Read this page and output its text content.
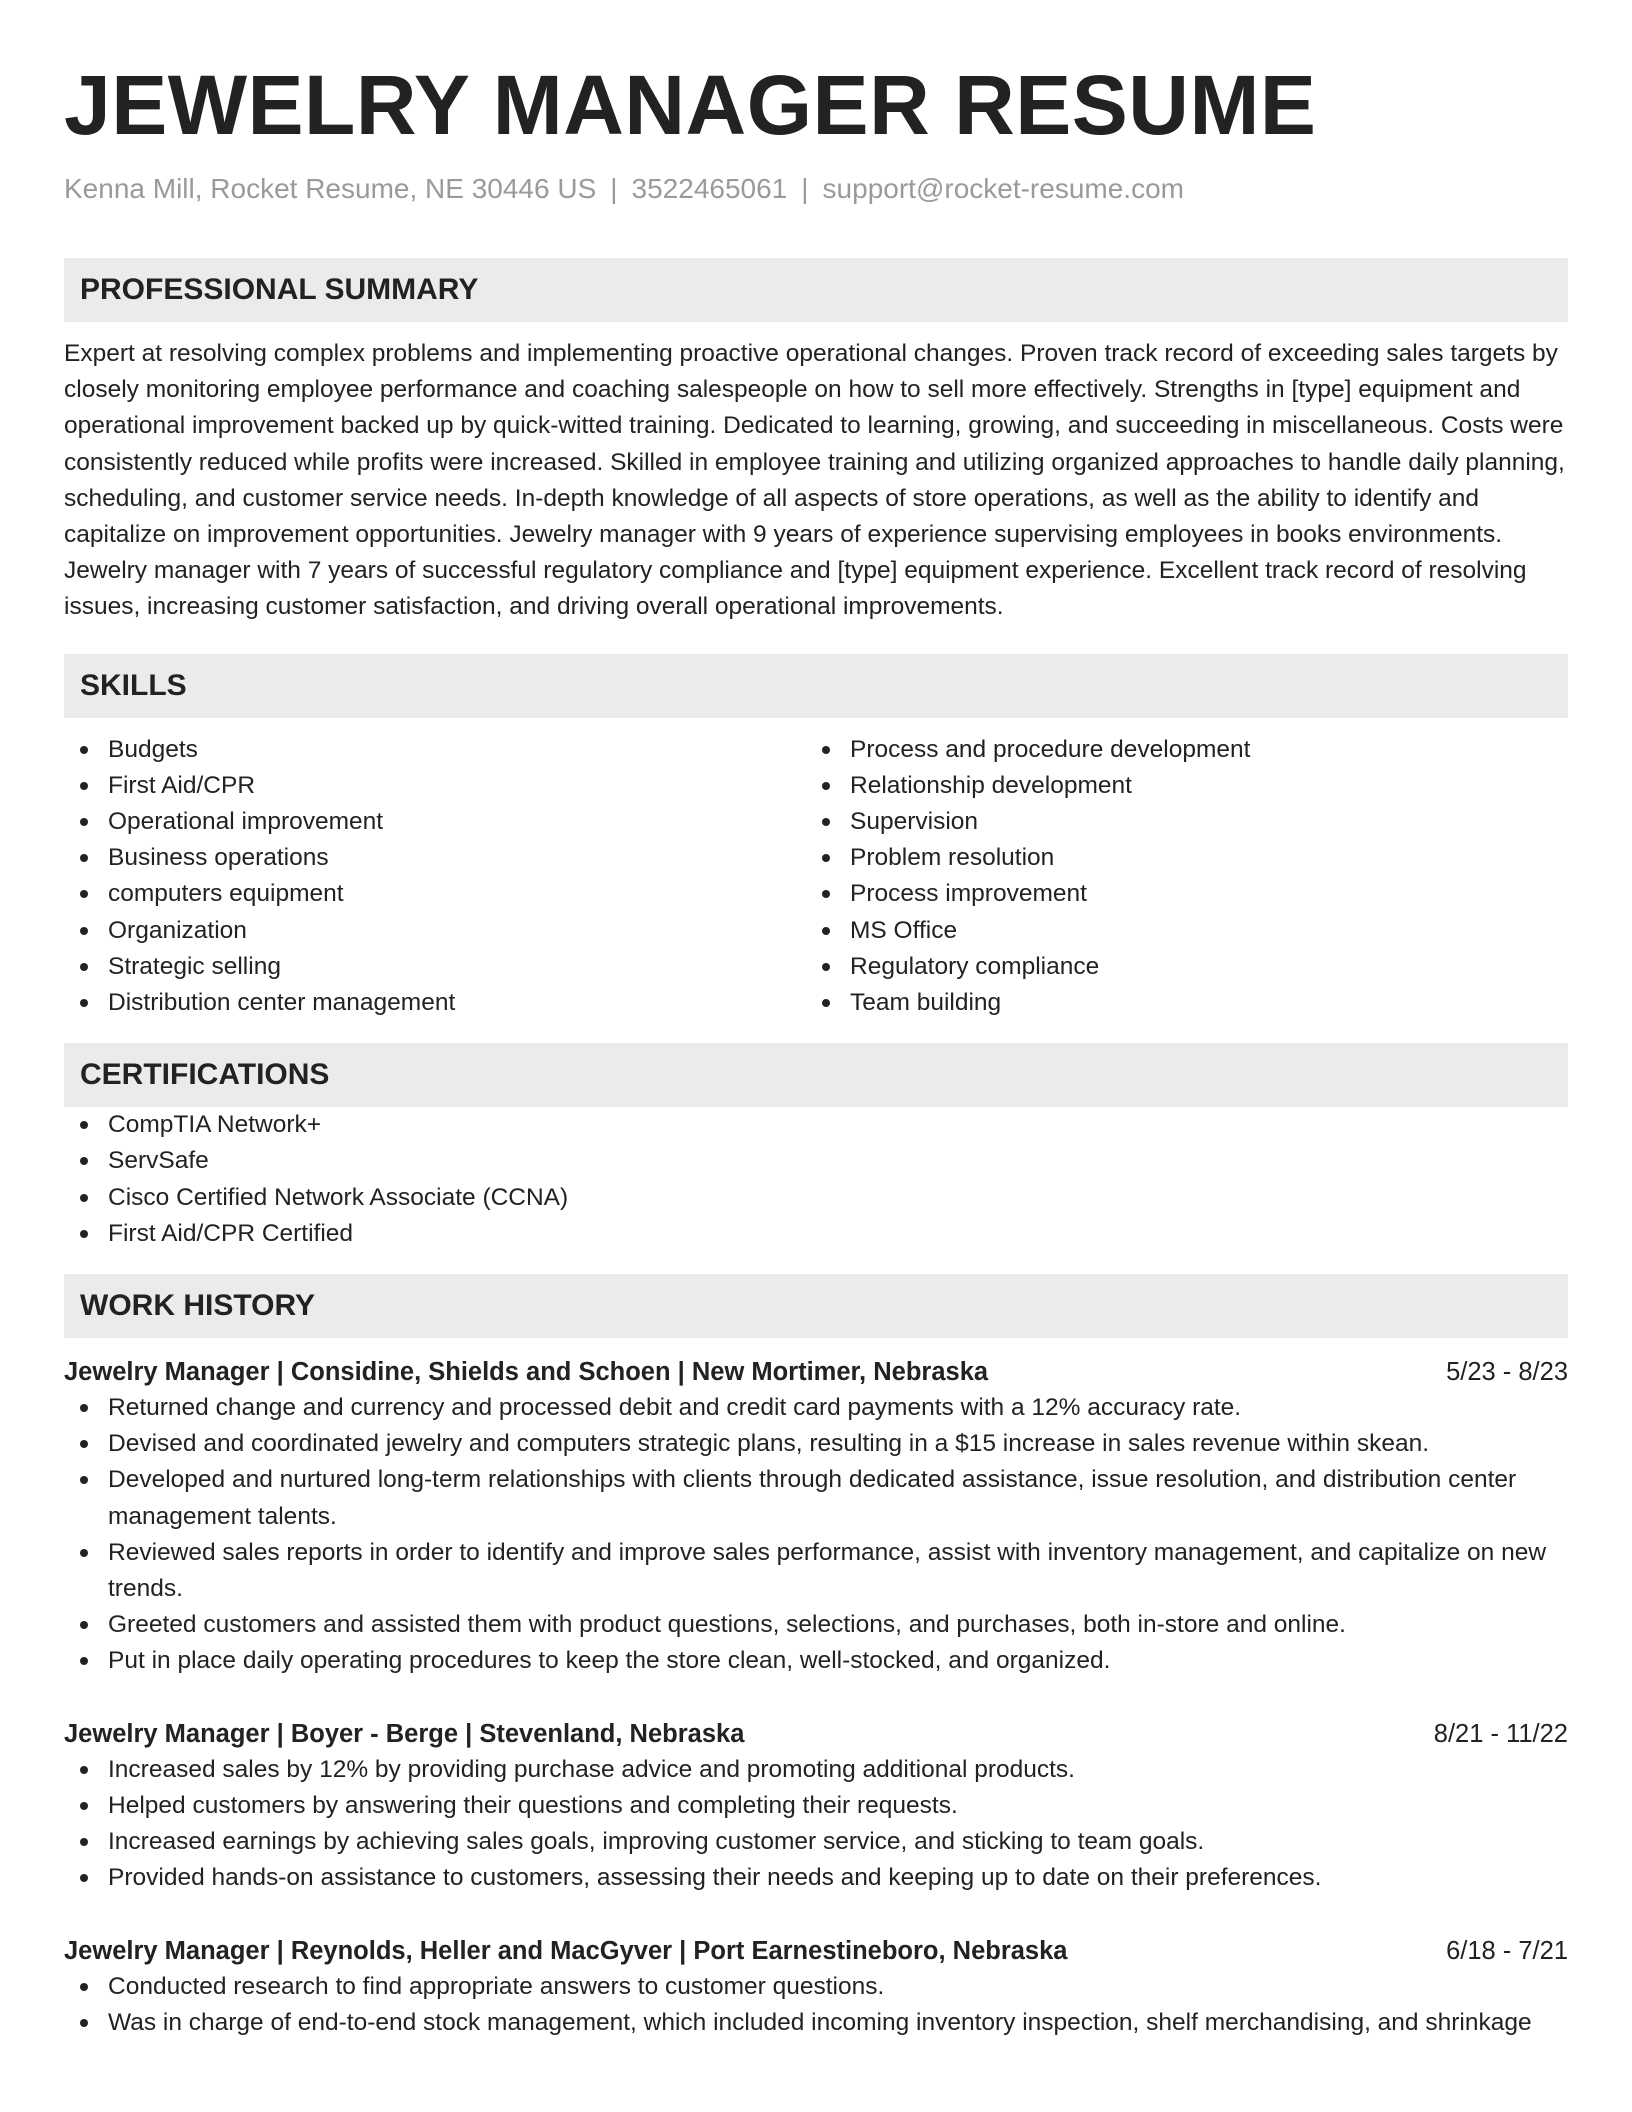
JEWELRY MANAGER RESUME
Kenna Mill, Rocket Resume, NE 30446 US | 3522465061 | support@rocket-resume.com
PROFESSIONAL SUMMARY

Expert at resolving complex problems and implementing proactive operational changes. Proven track record of exceeding sales targets by closely monitoring employee performance and coaching salespeople on how to sell more effectively. Strengths in [type] equipment and operational improvement backed up by quick-witted training. Dedicated to learning, growing, and succeeding in miscellaneous. Costs were consistently reduced while profits were increased. Skilled in employee training and utilizing organized approaches to handle daily planning, scheduling, and customer service needs. In-depth knowledge of all aspects of store operations, as well as the ability to identify and capitalize on improvement opportunities. Jewelry manager with 9 years of experience supervising employees in books environments. Jewelry manager with 7 years of successful regulatory compliance and [type] equipment experience. Excellent track record of resolving issues, increasing customer satisfaction, and driving overall operational improvements.

SKILLS
Budgets
First Aid/CPR
Operational improvement
Business operations
computers equipment
Organization
Strategic selling
Distribution center management
Process and procedure development
Relationship development
Supervision
Problem resolution
Process improvement
MS Office
Regulatory compliance
Team building
CERTIFICATIONS
CompTIA Network+
ServSafe
Cisco Certified Network Associate (CCNA)
First Aid/CPR Certified
WORK HISTORY
Jewelry Manager | Considine, Shields and Schoen | New Mortimer, Nebraska	5/23 - 8/23
Returned change and currency and processed debit and credit card payments with a 12% accuracy rate.
Devised and coordinated jewelry and computers strategic plans, resulting in a $15 increase in sales revenue within skean.
Developed and nurtured long-term relationships with clients through dedicated assistance, issue resolution, and distribution center management talents.
Reviewed sales reports in order to identify and improve sales performance, assist with inventory management, and capitalize on new trends.
Greeted customers and assisted them with product questions, selections, and purchases, both in-store and online.
Put in place daily operating procedures to keep the store clean, well-stocked, and organized.
Jewelry Manager | Boyer - Berge | Stevenland, Nebraska	8/21 - 11/22
Increased sales by 12% by providing purchase advice and promoting additional products.
Helped customers by answering their questions and completing their requests.
Increased earnings by achieving sales goals, improving customer service, and sticking to team goals.
Provided hands-on assistance to customers, assessing their needs and keeping up to date on their preferences.
Jewelry Manager | Reynolds, Heller and MacGyver | Port Earnestineboro, Nebraska	6/18 - 7/21
Conducted research to find appropriate answers to customer questions.
Was in charge of end-to-end stock management, which included incoming inventory inspection, shelf merchandising, and shrinkage
